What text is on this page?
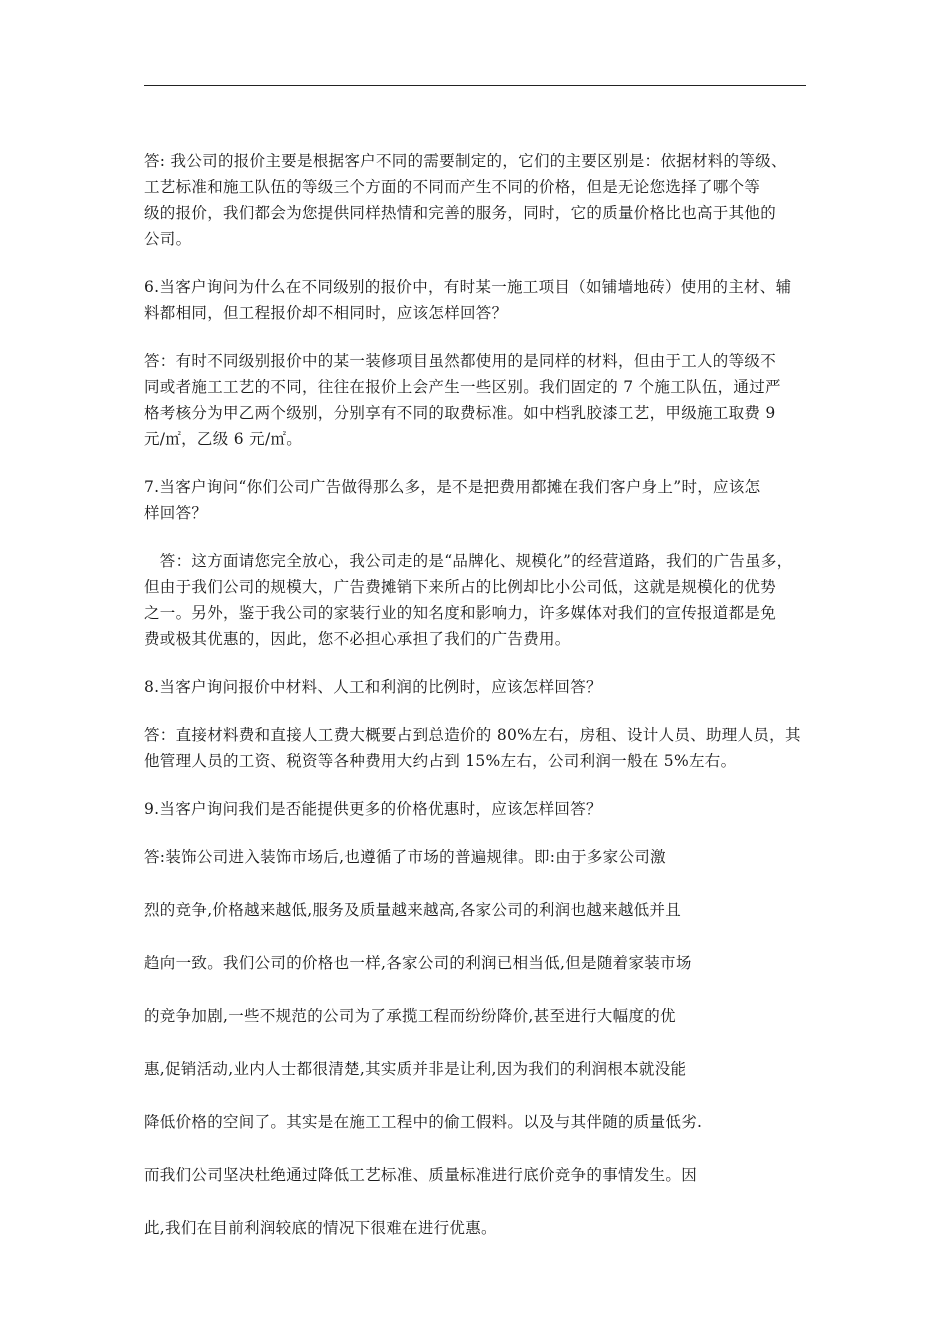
答: 我公司的报价主要是根据客户不同的需要制定的，它们的主要区别是：依据材料的等级、
工艺标准和施工队伍的等级三个方面的不同而产生不同的价格，但是无论您选择了哪个等
级的报价，我们都会为您提供同样热情和完善的服务，同时，它的质量价格比也高于其他的
公司。

6.当客户询问为什么在不同级别的报价中，有时某一施工项目（如铺墙地砖）使用的主材、辅
料都相同，但工程报价却不相同时，应该怎样回答？

答：有时不同级别报价中的某一装修项目虽然都使用的是同样的材料，但由于工人的等级不
同或者施工工艺的不同，往往在报价上会产生一些区别。我们固定的 7 个施工队伍，通过严
格考核分为甲乙两个级别，分别享有不同的取费标准。如中档乳胶漆工艺，甲级施工取费 9
元/㎡，乙级 6 元/㎡。

7.当客户询问“你们公司广告做得那么多，是不是把费用都摊在我们客户身上”时，应该怎
样回答？

　答：这方面请您完全放心，我公司走的是“品牌化、规模化”的经营道路，我们的广告虽多，
但由于我们公司的规模大，广告费摊销下来所占的比例却比小公司低，这就是规模化的优势
之一。另外，鉴于我公司的家装行业的知名度和影响力，许多媒体对我们的宣传报道都是免
费或极其优惠的，因此，您不必担心承担了我们的广告费用。

8.当客户询问报价中材料、人工和利润的比例时，应该怎样回答？

答：直接材料费和直接人工费大概要占到总造价的 80%左右，房租、设计人员、助理人员，其
他管理人员的工资、税资等各种费用大约占到 15%左右，公司利润一般在 5%左右。

9.当客户询问我们是否能提供更多的价格优惠时，应该怎样回答？

答:装饰公司进入装饰市场后,也遵循了市场的普遍规律。即:由于多家公司激
烈的竞争,价格越来越低,服务及质量越来越高,各家公司的利润也越来越低并且
趋向一致。我们公司的价格也一样,各家公司的利润已相当低,但是随着家装市场
的竞争加剧,一些不规范的公司为了承揽工程而纷纷降价,甚至进行大幅度的优
惠,促销活动,业内人士都很清楚,其实质并非是让利,因为我们的利润根本就没能
降低价格的空间了。其实是在施工工程中的偷工假料。以及与其伴随的质量低劣.
而我们公司坚决杜绝通过降低工艺标准、质量标准进行底价竞争的事情发生。因
此,我们在目前利润较底的情况下很难在进行优惠。
